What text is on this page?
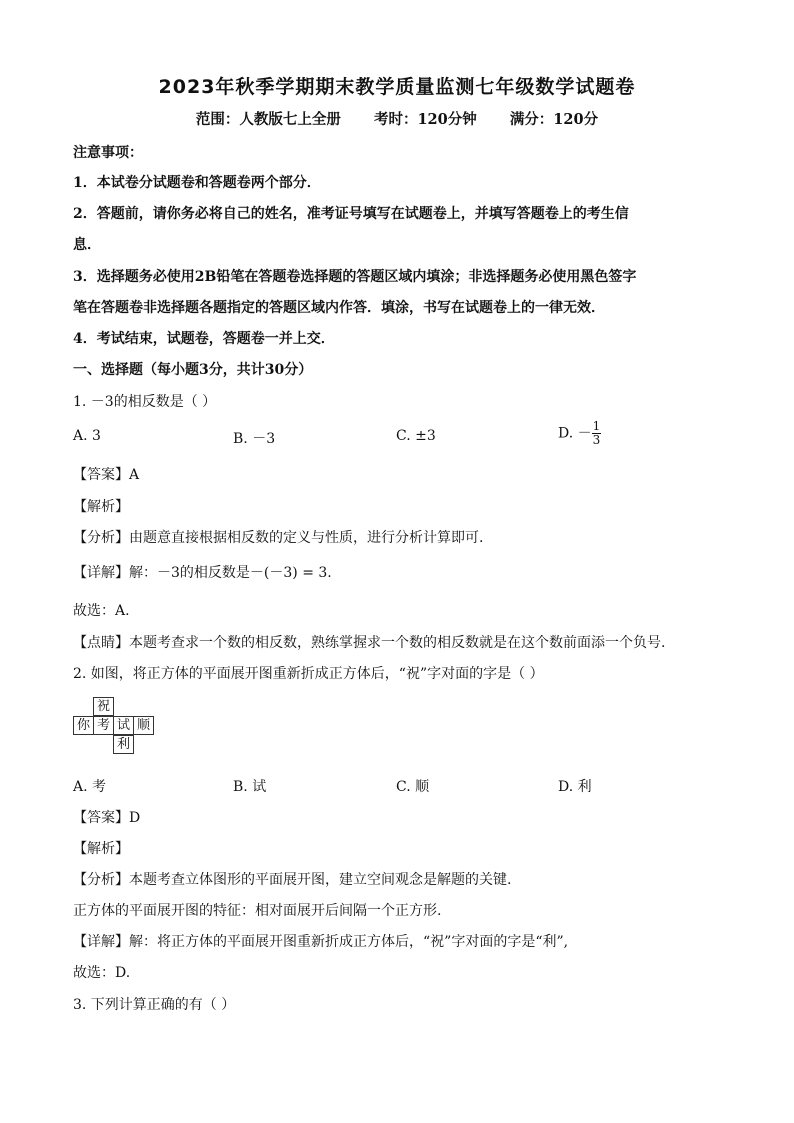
2023年秋季学期期末教学质量监测七年级数学试题卷
范围：人教版七上全册 考时：120分钟 满分：120分
注意事项：
1．本试卷分试题卷和答题卷两个部分．
2．答题前，请你务必将自己的姓名，准考证号填写在试题卷上，并填写答题卷上的考生信
息．
3．选择题务必使用2B铅笔在答题卷选择题的答题区域内填涂；非选择题务必使用黑色签字
笔在答题卷非选择题各题指定的答题区域内作答．填涂，书写在试题卷上的一律无效．
4．考试结束，试题卷，答题卷一并上交．
一、选择题（每小题3分，共计30分）
1. －3的相反数是（ ）
A. 3	B. －3	C. ±3	D. － $\frac{1}{3}$
【答案】A
【解析】
【分析】由题意直接根据相反数的定义与性质，进行分析计算即可.
【详解】解：－3的相反数是－(－3) = 3.
故选：A.
【点睛】本题考查求一个数的相反数，熟练掌握求一个数的相反数就是在这个数前面添一个负号.
2. 如图，将正方体的平面展开图重新折成正方体后，“祝”字对面的字是（ ）
祝
你 考 试 顺
利
A. 考	B. 试	C. 顺	D. 利
【答案】D
【解析】
【分析】本题考查立体图形的平面展开图，建立空间观念是解题的关键.
正方体的平面展开图的特征：相对面展开后间隔一个正方形.
【详解】解：将正方体的平面展开图重新折成正方体后，“祝”字对面的字是“利”,
故选：D.
3. 下列计算正确的有（ ）
